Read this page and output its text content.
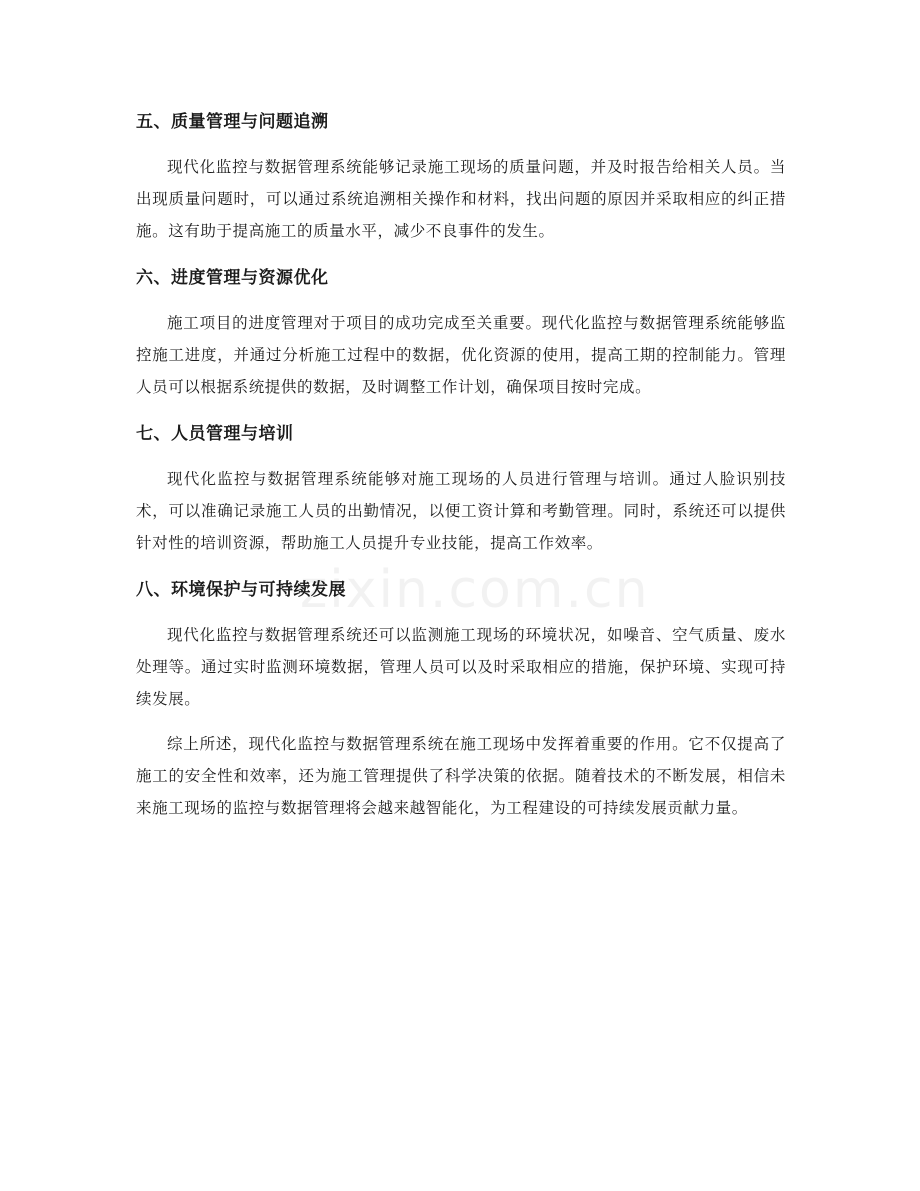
zixin.com.cn
五、质量管理与问题追溯

现代化监控与数据管理系统能够记录施工现场的质量问题，并及时报告给相关人员。当出现质量问题时，可以通过系统追溯相关操作和材料，找出问题的原因并采取相应的纠正措施。这有助于提高施工的质量水平，减少不良事件的发生。

六、进度管理与资源优化

施工项目的进度管理对于项目的成功完成至关重要。现代化监控与数据管理系统能够监控施工进度，并通过分析施工过程中的数据，优化资源的使用，提高工期的控制能力。管理人员可以根据系统提供的数据，及时调整工作计划，确保项目按时完成。

七、人员管理与培训

现代化监控与数据管理系统能够对施工现场的人员进行管理与培训。通过人脸识别技术，可以准确记录施工人员的出勤情况，以便工资计算和考勤管理。同时，系统还可以提供针对性的培训资源，帮助施工人员提升专业技能，提高工作效率。

八、环境保护与可持续发展

现代化监控与数据管理系统还可以监测施工现场的环境状况，如噪音、空气质量、废水处理等。通过实时监测环境数据，管理人员可以及时采取相应的措施，保护环境、实现可持续发展。

综上所述，现代化监控与数据管理系统在施工现场中发挥着重要的作用。它不仅提高了施工的安全性和效率，还为施工管理提供了科学决策的依据。随着技术的不断发展，相信未来施工现场的监控与数据管理将会越来越智能化，为工程建设的可持续发展贡献力量。
